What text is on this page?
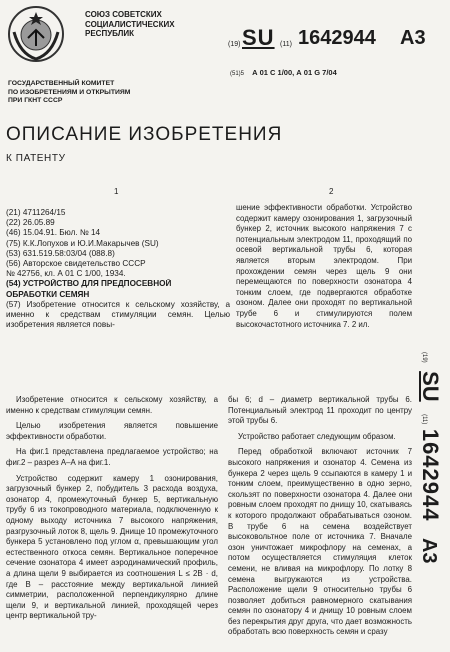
СОЮЗ СОВЕТСКИХ
СОЦИАЛИСТИЧЕСКИХ
РЕСПУБЛИК
(19) SU (11) 1642944 А3
(51)5 А 01 С 1/00, А 01 G 7/04
ГОСУДАРСТВЕННЫЙ КОМИТЕТ
ПО ИЗОБРЕТЕНИЯМ И ОТКРЫТИЯМ
ПРИ ГКНТ СССР
ОПИСАНИЕ ИЗОБРЕТЕНИЯ
К ПАТЕНТУ
1	2
(21) 4711264/15
(22) 26.05.89
(46) 15.04.91. Бюл. № 14
(75) К.К.Лопухов и Ю.И.Макарычев (SU)
(53) 631.519.58:03/04 (088.8)
(56) Авторское свидетельство СССР
№ 42756, кл. А 01 С 1/00, 1934.
(54) УСТРОЙСТВО ДЛЯ ПРЕДПОСЕВНОЙ
ОБРАБОТКИ СЕМЯН
(57) Изобретение относится к сельскому хозяйству, а именно к средствам стимуляции семян. Целью изобретения является повы-
шение эффективности обработки. Устройство содержит камеру озонирования 1, загрузочный бункер 2, источник высокого напряжения 7 с потенциальным электродом 11, проходящий по осевой вертикальной трубы 6, которая является вторым электродом. При прохождении семян через щель 9 они перемещаются по поверхности озонатора 4 тонким слоем, где подвергаются обработке озоном. Далее они проходят по вертикальной трубе 6 и стимулируются полем высокочастотного источника 7. 2 ил.

Изобретение относится к сельскому хозяйству, а именно к средствам стимуляции семян.

Целью изобретения является повышение эффективности обработки.

На фиг.1 представлена предлагаемое устройство; на фиг.2 – разрез А–А на фиг.1.

Устройство содержит камеру 1 озонирования, загрузочный бункер 2, побудитель 3 расхода воздуха, озонатор 4, промежуточный бункер 5, вертикальную трубу 6 из токопроводного материала, подключенную к одному выходу источника 7 высокого напряжения, разгрузочный лоток 8, щель 9. Днище 10 промежуточного бункера 5 установлено под углом α, превышающим угол естественного откоса семян. Вертикальное поперечное сечение озонатора 4 имеет аэродинамический профиль, а длина щели 9 выбирается из соотношения L ≤ 2B · d, где В – расстояние между вертикальной линией симметрии, расположенной перпендикулярно длине щели 9, и вертикальной линией, проходящей через центр вертикальной тру-

бы 6; d – диаметр вертикальной трубы 6. Потенциальный электрод 11 проходит по центру этой трубы 6.

Устройство работает следующим образом.

Перед обработкой включают источник 7 высокого напряжения и озонатор 4. Семена из бункера 2 через щель 9 ссыпаются в камеру 1 и тонким слоем, преимущественно в одно зерно, скользят по поверхности озонатора 4. Далее они ровным слоем проходят по днищу 10, скатываясь к которого продолжают обрабатываться озоном. В трубе 6 на семена воздействует высоковольтное поле от источника 7. Вначале озон уничтожает микрофлору на семенах, а потом осуществляется стимуляция клеток семени, не вливая на микрофлору. По лотку 8 семена выгружаются из устройства. Расположение щели 9 относительно трубы 6 позволяет добиться равномерного скатывания семян по озонатору 4 и днищу 10 ровным слоем без перекрытия друг друга, что дает возможность обработать всю поверхность семян и сразу

(19) SU (11) 1642944 А3
